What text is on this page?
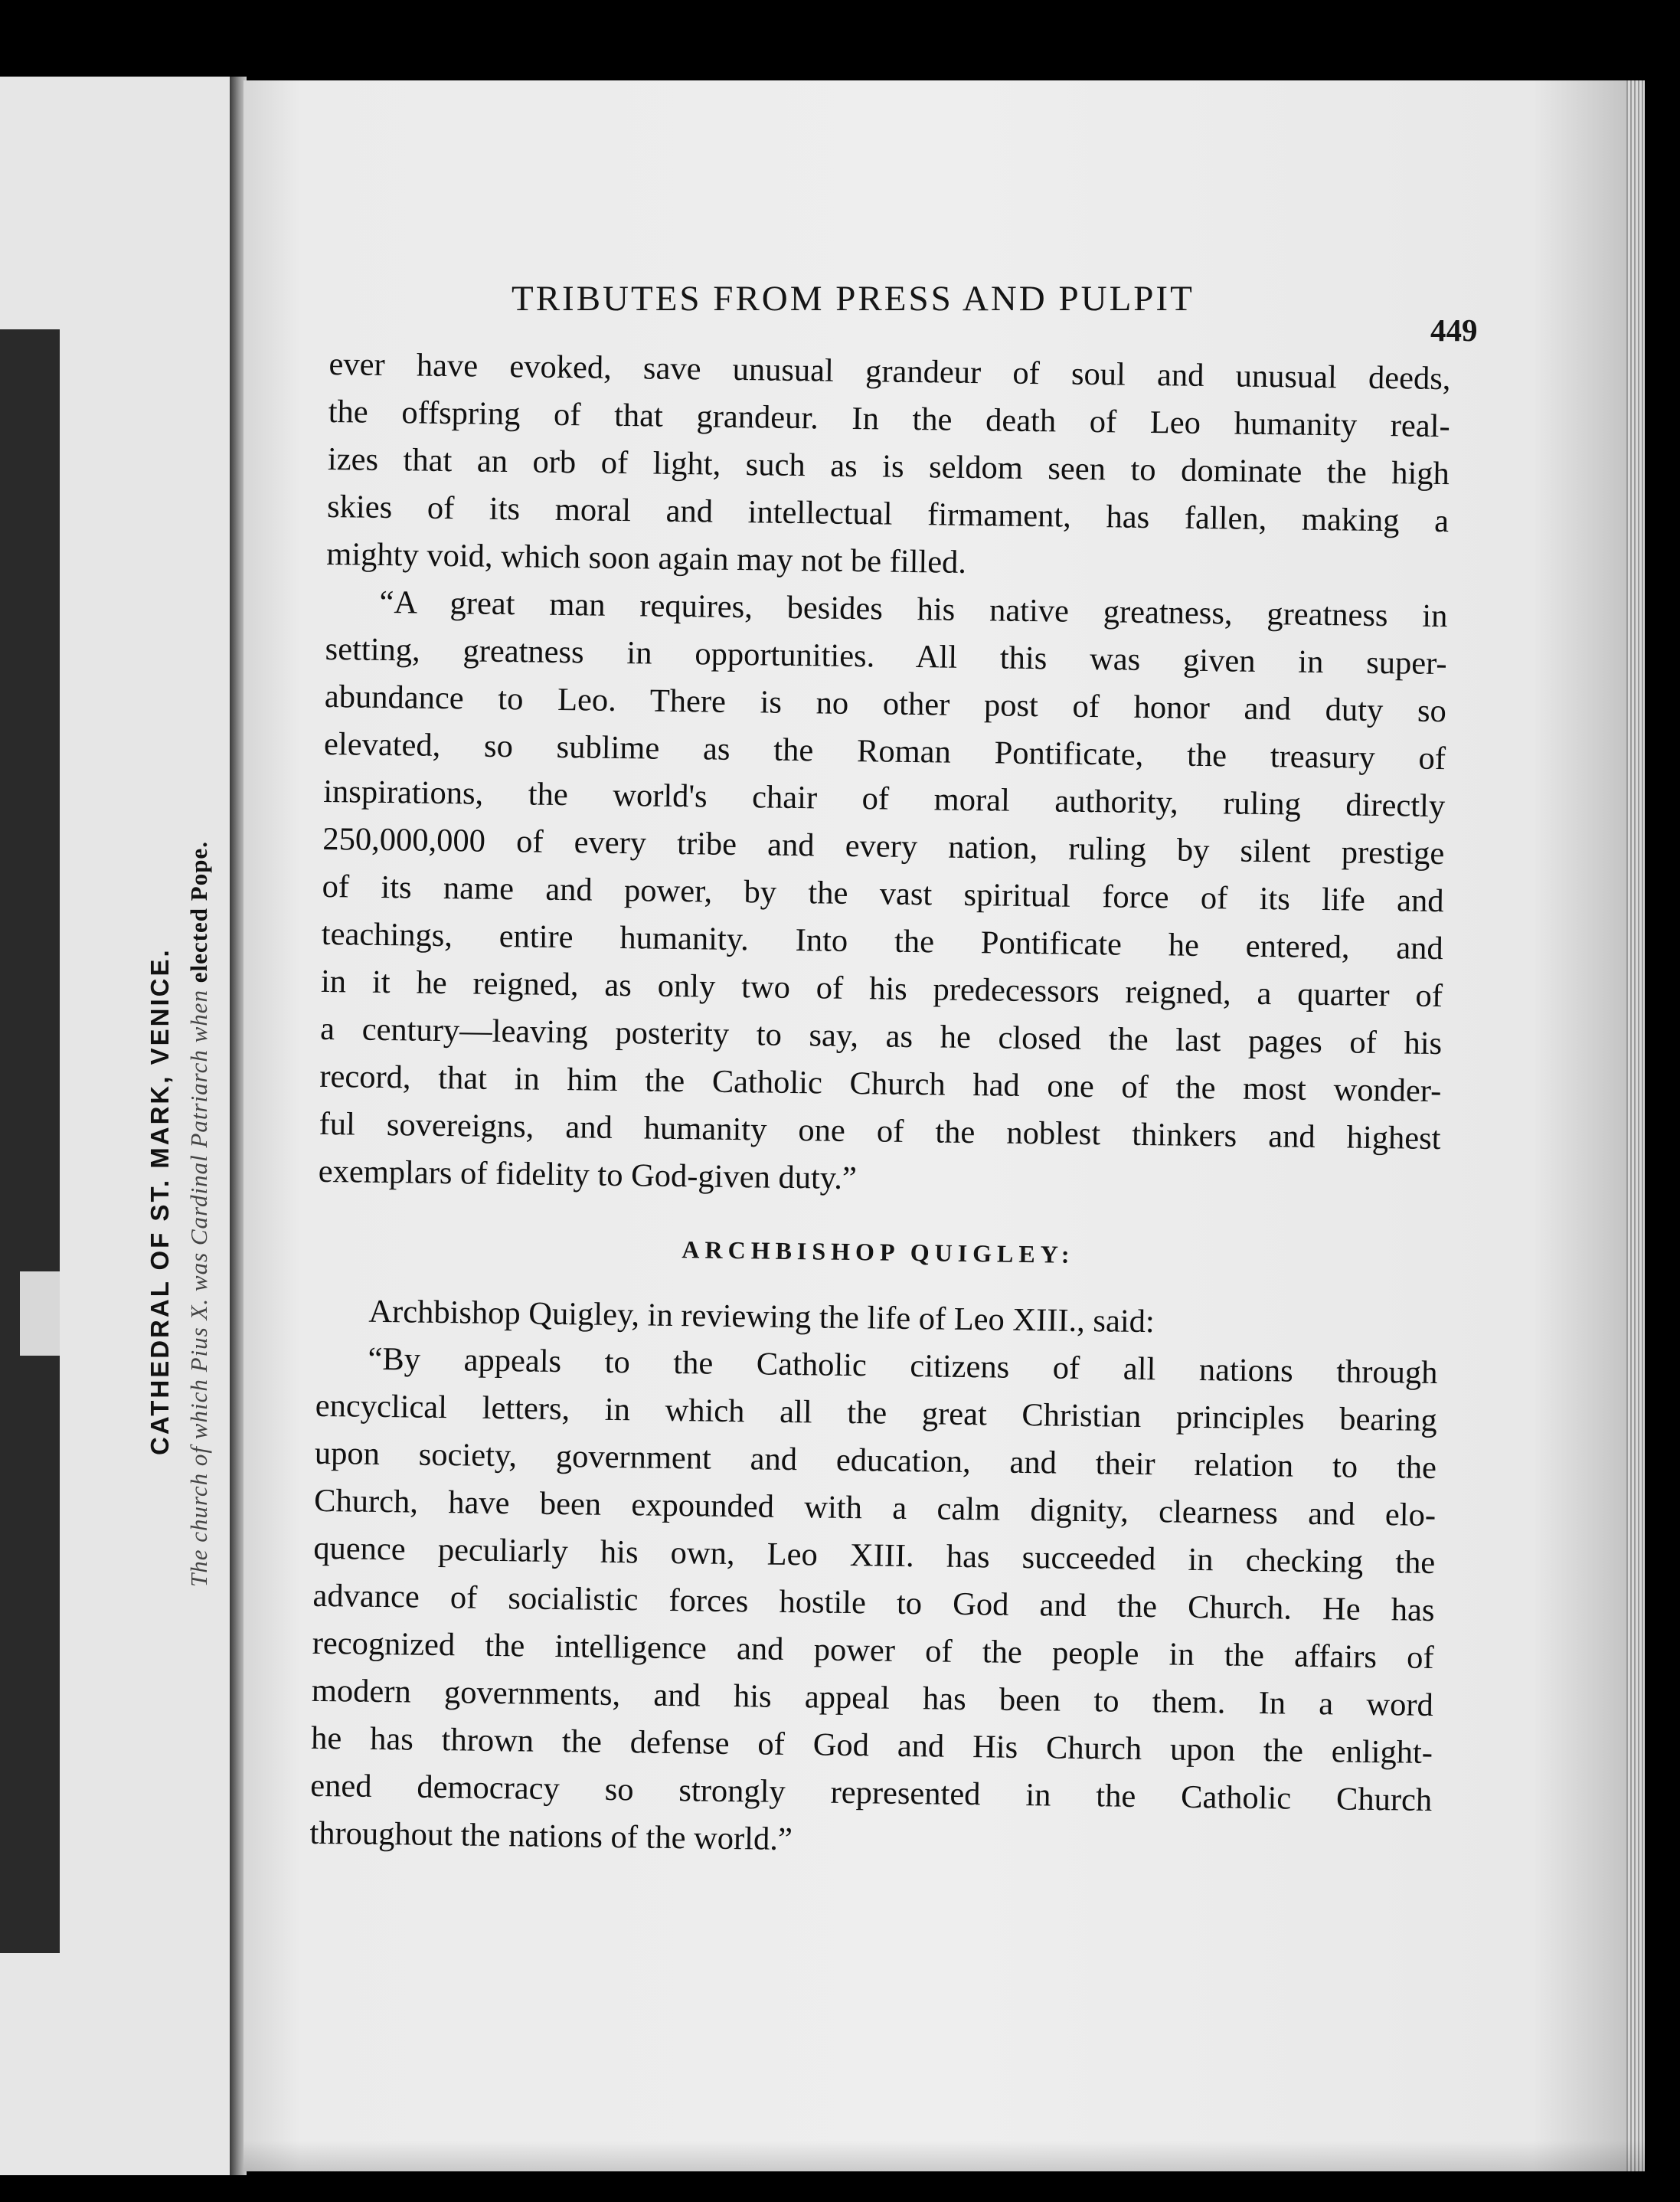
CATHEDRAL OF ST. MARK, VENICE. The church of which Pius X. was Cardinal Patriarch when elected Pope.
TRIBUTES FROM PRESS AND PULPIT
449
ever have evoked, save unusual grandeur of soul and unusual deeds,
the offspring of that grandeur. In the death of Leo humanity real-
izes that an orb of light, such as is seldom seen to dominate the high
skies of its moral and intellectual firmament, has fallen, making a
mighty void, which soon again may not be filled.
“A great man requires, besides his native greatness, greatness in
setting, greatness in opportunities. All this was given in super-
abundance to Leo. There is no other post of honor and duty so
elevated, so sublime as the Roman Pontificate, the treasury of
inspirations, the world's chair of moral authority, ruling directly
250,000,000 of every tribe and every nation, ruling by silent prestige
of its name and power, by the vast spiritual force of its life and
teachings, entire humanity. Into the Pontificate he entered, and
in it he reigned, as only two of his predecessors reigned, a quarter of
a century—leaving posterity to say, as he closed the last pages of his
record, that in him the Catholic Church had one of the most wonder-
ful sovereigns, and humanity one of the noblest thinkers and highest
exemplars of fidelity to God-given duty.”
ARCHBISHOP QUIGLEY:
Archbishop Quigley, in reviewing the life of Leo XIII., said:
“By appeals to the Catholic citizens of all nations through
encyclical letters, in which all the great Christian principles bearing
upon society, government and education, and their relation to the
Church, have been expounded with a calm dignity, clearness and elo-
quence peculiarly his own, Leo XIII. has succeeded in checking the
advance of socialistic forces hostile to God and the Church. He has
recognized the intelligence and power of the people in the affairs of
modern governments, and his appeal has been to them. In a word
he has thrown the defense of God and His Church upon the enlight-
ened democracy so strongly represented in the Catholic Church
throughout the nations of the world.”
